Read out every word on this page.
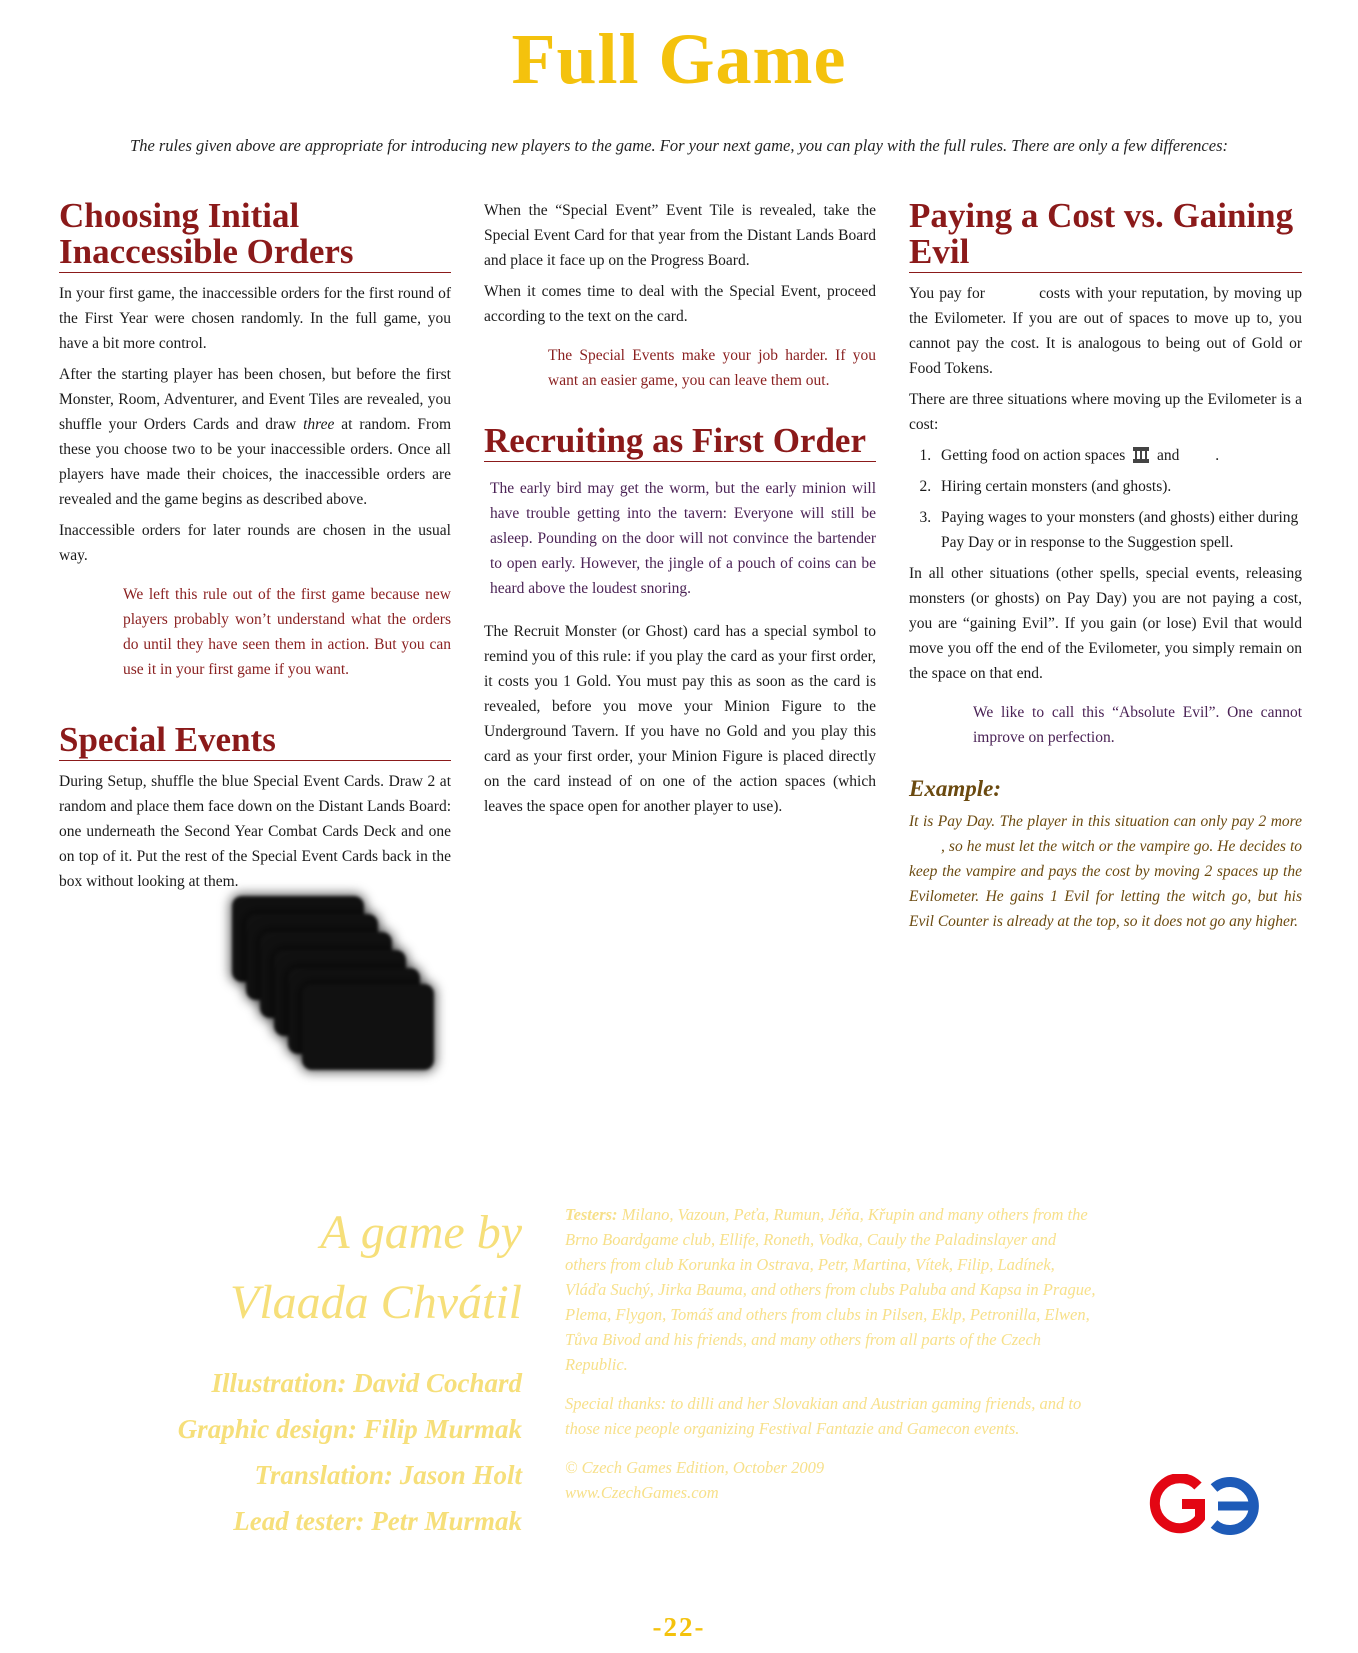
Full Game
The rules given above are appropriate for introducing new players to the game. For your next game, you can play with the full rules. There are only a few differences:
Choosing Initial Inaccessible Orders

In your first game, the inaccessible orders for the first round of the First Year were chosen randomly. In the full game, you have a bit more control.

After the starting player has been chosen, but before the first Monster, Room, Adventurer, and Event Tiles are revealed, you shuffle your Orders Cards and draw three at random. From these you choose two to be your inaccessible orders. Once all players have made their choices, the inaccessible orders are revealed and the game begins as described above.

Inaccessible orders for later rounds are chosen in the usual way.

We left this rule out of the first game because new players probably won’t understand what the orders do until they have seen them in action. But you can use it in your first game if you want.

Special Events

During Setup, shuffle the blue Special Event Cards. Draw 2 at random and place them face down on the Distant Lands Board: one underneath the Second Year Combat Cards Deck and one on top of it. Put the rest of the Special Event Cards back in the box without looking at them.

When the “Special Event” Event Tile is revealed, take the Special Event Card for that year from the Distant Lands Board and place it face up on the Progress Board.

When it comes time to deal with the Special Event, proceed according to the text on the card.

The Special Events make your job harder. If you want an easier game, you can leave them out.

Recruiting as First Order

The early bird may get the worm, but the early minion will have trouble getting into the tavern: Everyone will still be asleep. Pounding on the door will not convince the bartender to open early. However, the jingle of a pouch of coins can be heard above the loudest snoring.

The Recruit Monster (or Ghost) card has a special symbol to remind you of this rule: if you play the card as your first order, it costs you 1 Gold. You must pay this as soon as the card is revealed, before you move your Minion Figure to the Underground Tavern. If you have no Gold and you play this card as your first order, your Minion Figure is placed directly on the card instead of on one of the action spaces (which leaves the space open for another player to use).

Paying a Cost vs. Gaining Evil

You pay for	costs with your reputation, by moving up the Evilometer. If you are out of spaces to move up to, you cannot pay the cost. It is analogous to being out of Gold or Food Tokens.

There are three situations where moving up the Evilometer is a cost:

1. Getting food on action spaces  and .
2. Hiring certain monsters (and ghosts).
3. Paying wages to your monsters (and ghosts) either during Pay Day or in response to the Suggestion spell.

In all other situations (other spells, special events, releasing monsters (or ghosts) on Pay Day) you are not paying a cost, you are “gaining Evil”. If you gain (or lose) Evil that would move you off the end of the Evilometer, you simply remain on the space on that end.

We like to call this “Absolute Evil”. One cannot improve on perfection.

Example:

It is Pay Day. The player in this situation can only pay 2 more , so he must let the witch or the vampire go. He decides to keep the vampire and pays the cost by moving 2 spaces up the Evilometer. He gains 1 Evil for letting the witch go, but his Evil Counter is already at the top, so it does not go any higher.

A game by
Vlaada Chvátil
Illustration: David Cochard
Graphic design: Filip Murmak
Translation: Jason Holt
Lead tester: Petr Murmak

Testers: Milano, Vazoun, Peťa, Rumun, Jéňa, Křupin and many others from the Brno Boardgame club, Ellife, Roneth, Vodka, Cauly the Paladinslayer and others from club Korunka in Ostrava, Petr, Martina, Vítek, Filip, Ladínek, Vláďa Suchý, Jirka Bauma, and others from clubs Paluba and Kapsa in Prague, Plema, Flygon, Tomáš and others from clubs in Pilsen, Eklp, Petronilla, Elwen, Tůva Bivod and his friends, and many others from all parts of the Czech Republic.

Special thanks: to dilli and her Slovakian and Austrian gaming friends, and to those nice people organizing Festival Fantazie and Gamecon events.

© Czech Games Edition, October 2009

www.CzechGames.com

-22-
